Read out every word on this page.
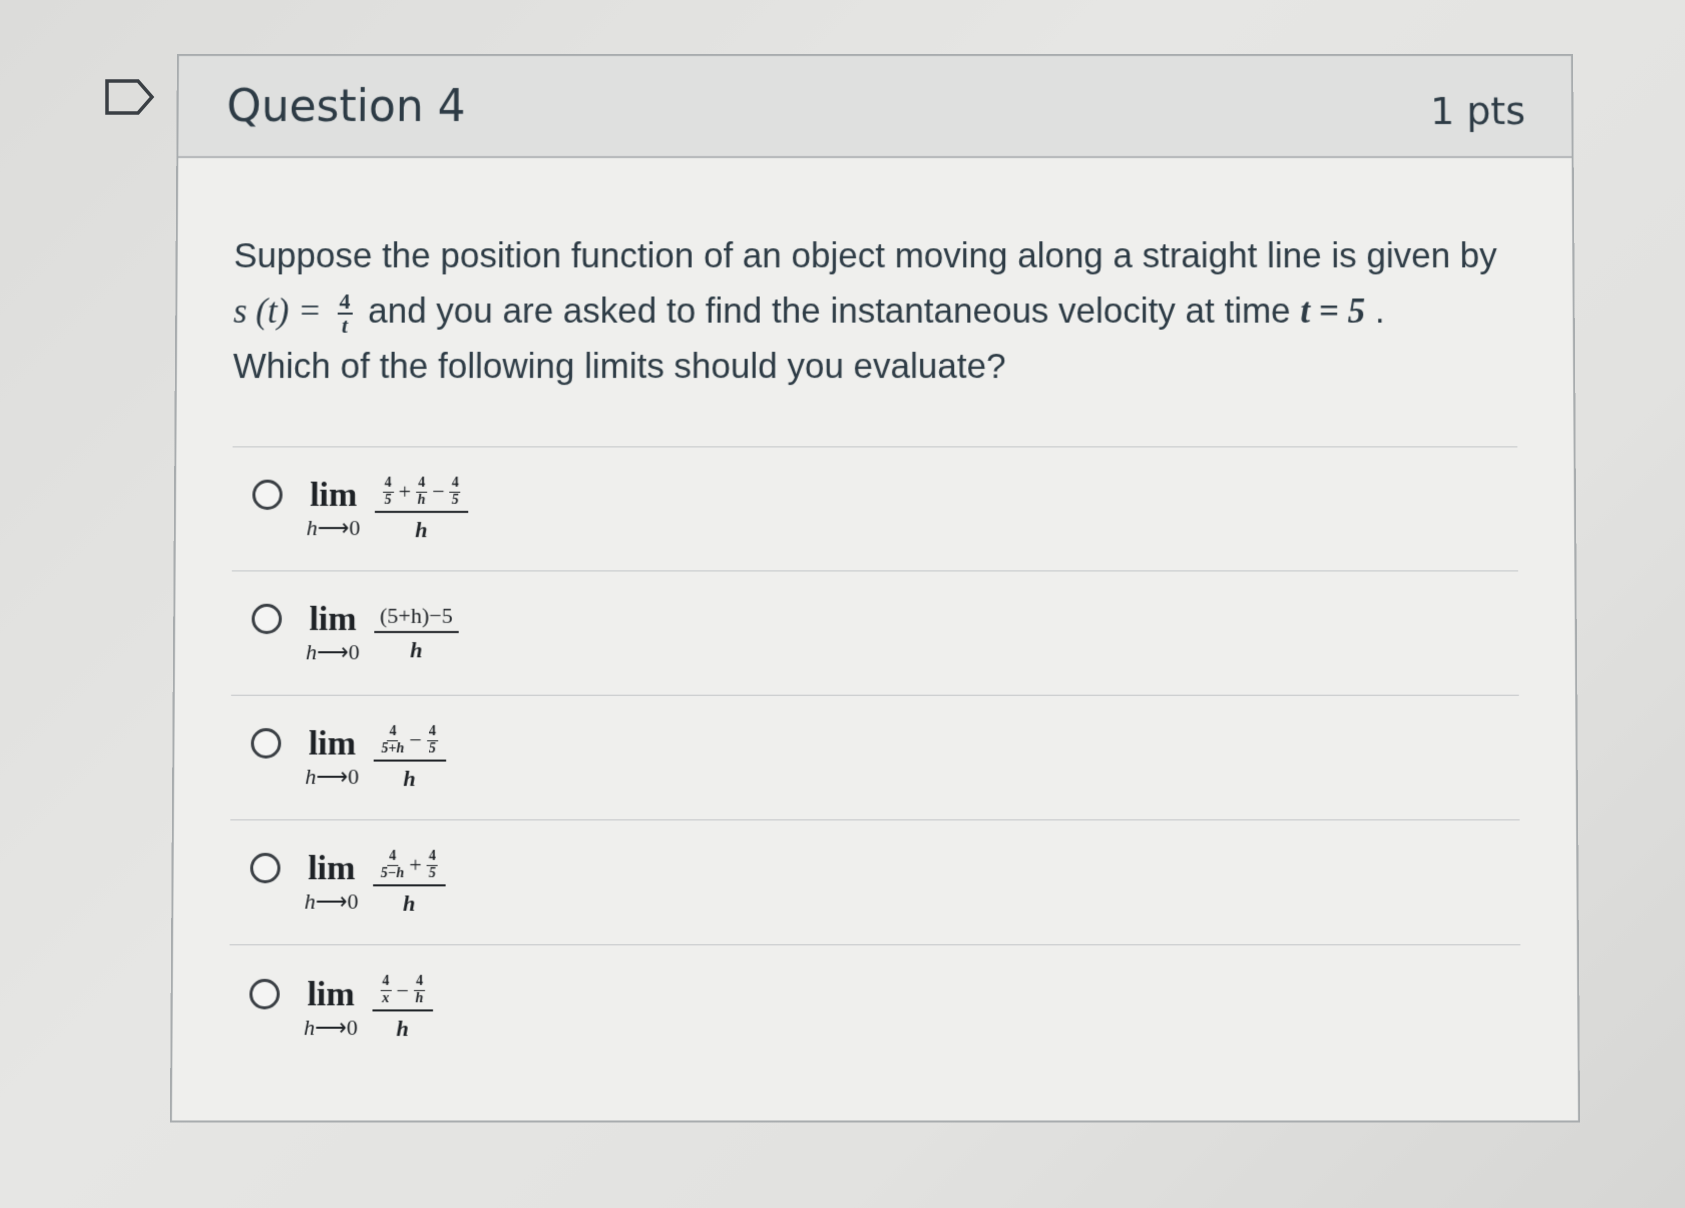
Question 4	1 pts
Suppose the position function of an object moving along a straight line is given by
s $(t) = \frac{4}{t}$ and you are asked to find the instantaneous velocity at time t = 5 .
Which of the following limits should you evaluate?
lim
h⟶0 4
$5 + \frac{4}{h} - \frac{4}{5}$
h
lim
h⟶0 $\frac{(5+h)-5}{h}$
lim
h⟶0 4
$5+h - \frac{4}{5}$
h
lim
h⟶0 4
$5-h + \frac{4}{5}$
h
lim
h⟶0 4
$x - \frac{4}{h}$
h
